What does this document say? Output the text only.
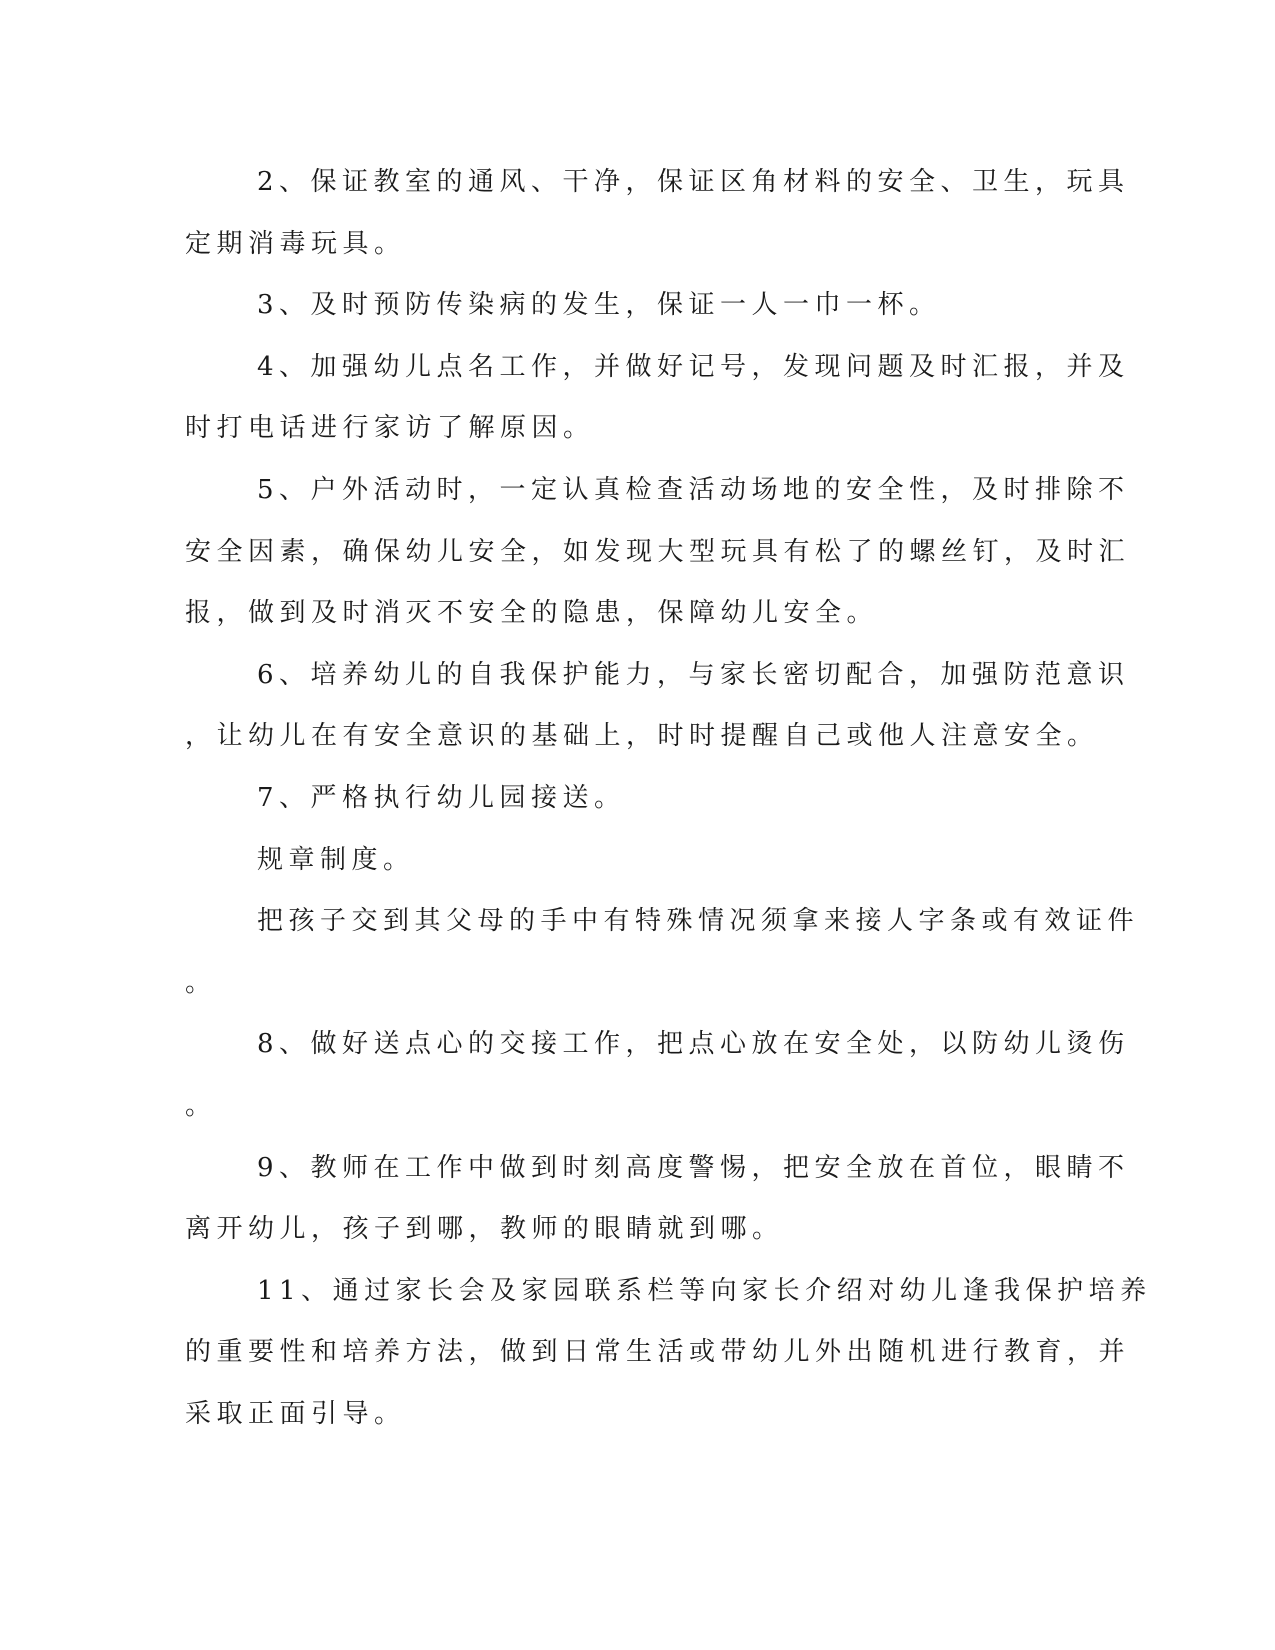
2、保证教室的通风、干净，保证区角材料的安全、卫生，玩具
定期消毒玩具。
3、及时预防传染病的发生，保证一人一巾一杯。
4、加强幼儿点名工作，并做好记号，发现问题及时汇报，并及
时打电话进行家访了解原因。
5、户外活动时，一定认真检查活动场地的安全性，及时排除不
安全因素，确保幼儿安全，如发现大型玩具有松了的螺丝钉，及时汇
报，做到及时消灭不安全的隐患，保障幼儿安全。
6、培养幼儿的自我保护能力，与家长密切配合，加强防范意识
，让幼儿在有安全意识的基础上，时时提醒自己或他人注意安全。
7、严格执行幼儿园接送。
规章制度。
把孩子交到其父母的手中有特殊情况须拿来接人字条或有效证件
。
8、做好送点心的交接工作，把点心放在安全处，以防幼儿烫伤
。
9、教师在工作中做到时刻高度警惕，把安全放在首位，眼睛不
离开幼儿，孩子到哪，教师的眼睛就到哪。
11、通过家长会及家园联系栏等向家长介绍对幼儿逢我保护培养
的重要性和培养方法，做到日常生活或带幼儿外出随机进行教育，并
采取正面引导。
